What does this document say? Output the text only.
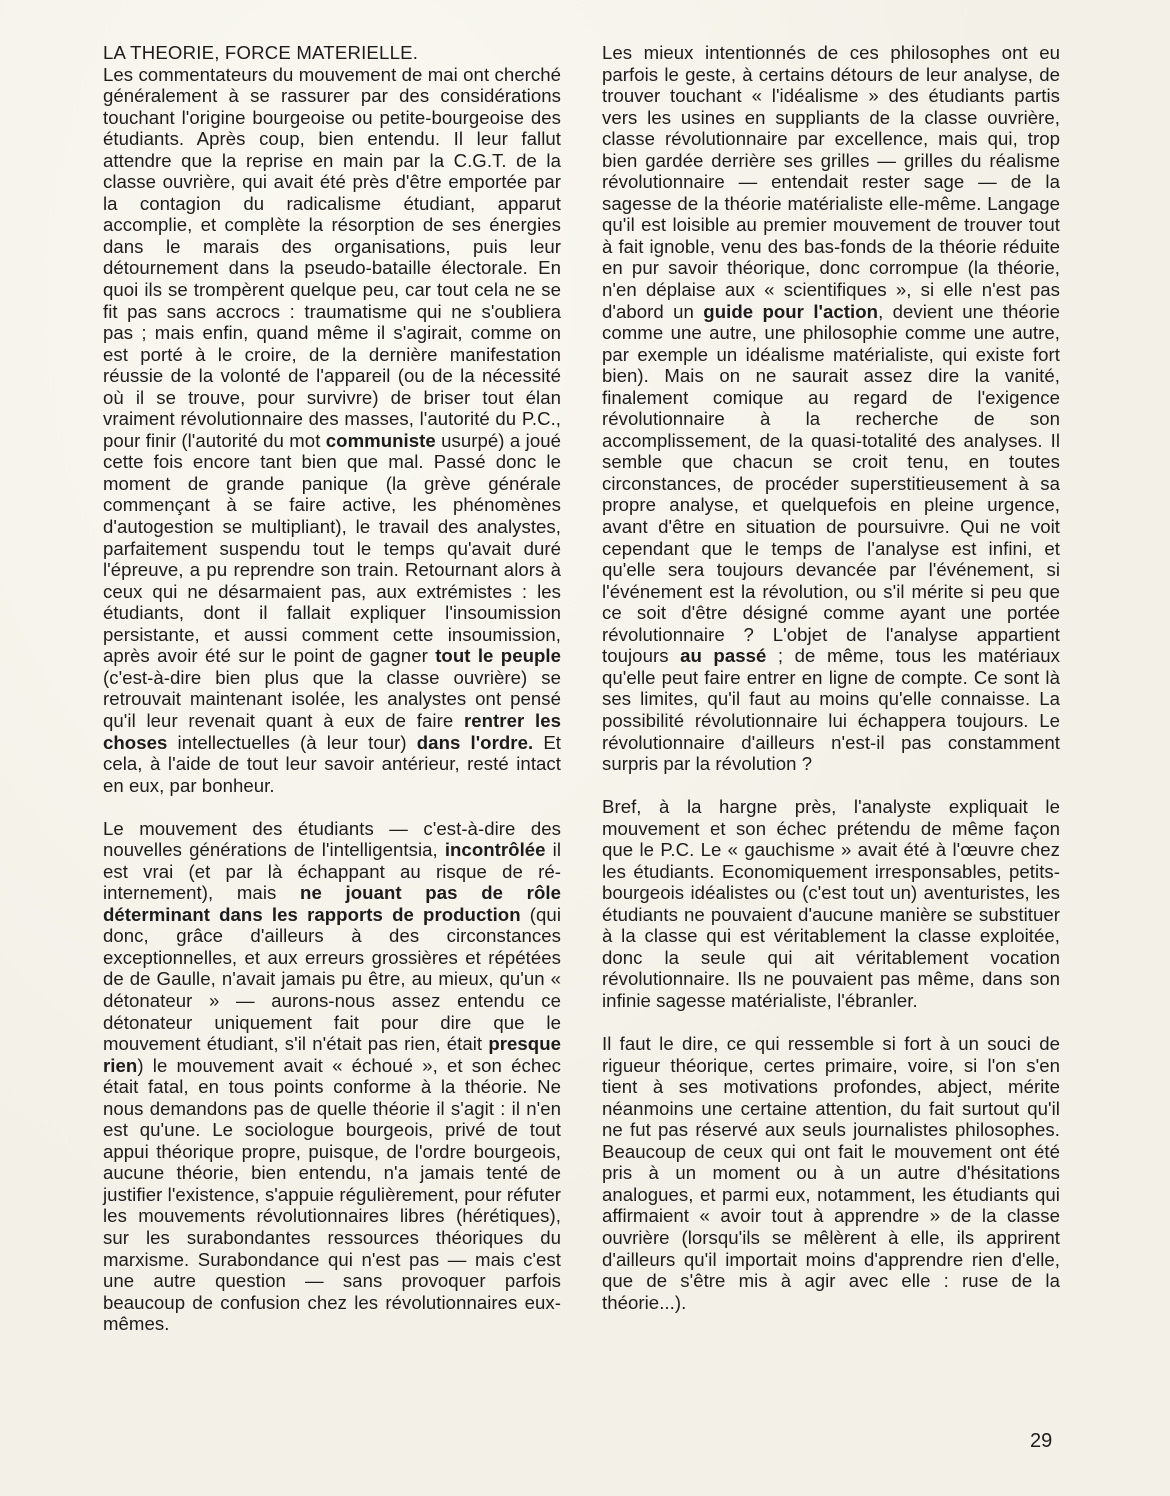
LA THEORIE, FORCE MATERIELLE.

Les commentateurs du mouvement de mai ont cherché généralement à se rassurer par des considérations touchant l'origine bourgeoise ou petite-bourgeoise des étudiants. Après coup, bien entendu. Il leur fallut attendre que la reprise en main par la C.G.T. de la classe ouvrière, qui avait été près d'être emportée par la contagion du radicalisme étudiant, apparut accomplie, et complète la résorption de ses énergies dans le marais des organisations, puis leur détournement dans la pseudo-bataille électorale. En quoi ils se trompèrent quelque peu, car tout cela ne se fit pas sans accrocs : traumatisme qui ne s'oubliera pas ; mais enfin, quand même il s'agirait, comme on est porté à le croire, de la dernière manifestation réussie de la volonté de l'appareil (ou de la nécessité où il se trouve, pour survivre) de briser tout élan vraiment révolutionnaire des masses, l'autorité du P.C., pour finir (l'autorité du mot communiste usurpé) a joué cette fois encore tant bien que mal. Passé donc le moment de grande panique (la grève générale commençant à se faire active, les phénomènes d'autogestion se multipliant), le travail des analystes, parfaitement suspendu tout le temps qu'avait duré l'épreuve, a pu reprendre son train. Retournant alors à ceux qui ne désarmaient pas, aux extrémistes : les étudiants, dont il fallait expliquer l'insoumission persistante, et aussi comment cette insoumission, après avoir été sur le point de gagner tout le peuple (c'est-à-dire bien plus que la classe ouvrière) se retrouvait maintenant isolée, les analystes ont pensé qu'il leur revenait quant à eux de faire rentrer les choses intellectuelles (à leur tour) dans l'ordre. Et cela, à l'aide de tout leur savoir antérieur, resté intact en eux, par bonheur.

Le mouvement des étudiants — c'est-à-dire des nouvelles générations de l'intelligentsia, incontrôlée il est vrai (et par là échappant au risque de ré-internement), mais ne jouant pas de rôle déterminant dans les rapports de production (qui donc, grâce d'ailleurs à des circonstances exceptionnelles, et aux erreurs grossières et répétées de de Gaulle, n'avait jamais pu être, au mieux, qu'un « détonateur » — aurons-nous assez entendu ce détonateur uniquement fait pour dire que le mouvement étudiant, s'il n'était pas rien, était presque rien) le mouvement avait « échoué », et son échec était fatal, en tous points conforme à la théorie. Ne nous demandons pas de quelle théorie il s'agit : il n'en est qu'une. Le sociologue bourgeois, privé de tout appui théorique propre, puisque, de l'ordre bourgeois, aucune théorie, bien entendu, n'a jamais tenté de justifier l'existence, s'appuie régulièrement, pour réfuter les mouvements révolutionnaires libres (hérétiques), sur les surabondantes ressources théoriques du marxisme. Surabondance qui n'est pas — mais c'est une autre question — sans provoquer parfois beaucoup de confusion chez les révolutionnaires eux-mêmes.

Les mieux intentionnés de ces philosophes ont eu parfois le geste, à certains détours de leur analyse, de trouver touchant « l'idéalisme » des étudiants partis vers les usines en suppliants de la classe ouvrière, classe révolutionnaire par excellence, mais qui, trop bien gardée derrière ses grilles — grilles du réalisme révolutionnaire — entendait rester sage — de la sagesse de la théorie matérialiste elle-même. Langage qu'il est loisible au premier mouvement de trouver tout à fait ignoble, venu des bas-fonds de la théorie réduite en pur savoir théorique, donc corrompue (la théorie, n'en déplaise aux « scientifiques », si elle n'est pas d'abord un guide pour l'action, devient une théorie comme une autre, une philosophie comme une autre, par exemple un idéalisme matérialiste, qui existe fort bien). Mais on ne saurait assez dire la vanité, finalement comique au regard de l'exigence révolutionnaire à la recherche de son accomplissement, de la quasi-totalité des analyses. Il semble que chacun se croit tenu, en toutes circonstances, de procéder superstitieusement à sa propre analyse, et quelquefois en pleine urgence, avant d'être en situation de poursuivre. Qui ne voit cependant que le temps de l'analyse est infini, et qu'elle sera toujours devancée par l'événement, si l'événement est la révolution, ou s'il mérite si peu que ce soit d'être désigné comme ayant une portée révolutionnaire ? L'objet de l'analyse appartient toujours au passé ; de même, tous les matériaux qu'elle peut faire entrer en ligne de compte. Ce sont là ses limites, qu'il faut au moins qu'elle connaisse. La possibilité révolutionnaire lui échappera toujours. Le révolutionnaire d'ailleurs n'est-il pas constamment surpris par la révolution ?

Bref, à la hargne près, l'analyste expliquait le mouvement et son échec prétendu de même façon que le P.C. Le « gauchisme » avait été à l'œuvre chez les étudiants. Economiquement irresponsables, petits-bourgeois idéalistes ou (c'est tout un) aventuristes, les étudiants ne pouvaient d'aucune manière se substituer à la classe qui est véritablement la classe exploitée, donc la seule qui ait véritablement vocation révolutionnaire. Ils ne pouvaient pas même, dans son infinie sagesse matérialiste, l'ébranler.

Il faut le dire, ce qui ressemble si fort à un souci de rigueur théorique, certes primaire, voire, si l'on s'en tient à ses motivations profondes, abject, mérite néanmoins une certaine attention, du fait surtout qu'il ne fut pas réservé aux seuls journalistes philosophes. Beaucoup de ceux qui ont fait le mouvement ont été pris à un moment ou à un autre d'hésitations analogues, et parmi eux, notamment, les étudiants qui affirmaient « avoir tout à apprendre » de la classe ouvrière (lorsqu'ils se mêlèrent à elle, ils apprirent d'ailleurs qu'il importait moins d'apprendre rien d'elle, que de s'être mis à agir avec elle : ruse de la théorie...).

29
